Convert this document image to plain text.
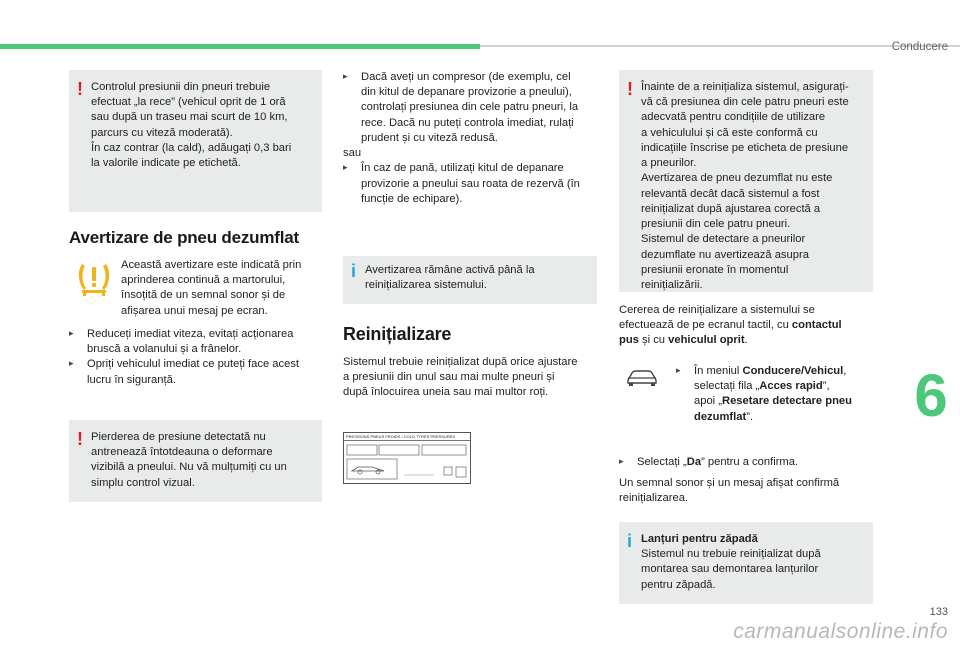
Conducere
! Controlul presiunii din pneuri trebuie
efectuat „la rece” (vehicul oprit de 1 oră
sau după un traseu mai scurt de 10 km,
parcurs cu viteză moderată).
În caz contrar (la cald), adăugați 0,3 bari
la valorile indicate pe etichetă.
Avertizare de pneu dezumflat
Această avertizare este indicată prin
aprinderea continuă a martorului,
însoțită de un semnal sonor și de
afișarea unui mesaj pe ecran.
▸ Reduceți imediat viteza, evitați acționarea
bruscă a volanului și a frânelor.
▸ Opriți vehiculul imediat ce puteți face acest
lucru în siguranță.
! Pierderea de presiune detectată nu
antrenează întotdeauna o deformare
vizibilă a pneului. Nu vă mulțumiți cu un
simplu control vizual.
▸ Dacă aveți un compresor (de exemplu, cel
din kitul de depanare provizorie a pneului),
controlați presiunea din cele patru pneuri, la
rece. Dacă nu puteți controla imediat, rulați
prudent și cu viteză redusă.
sau
▸ În caz de pană, utilizați kitul de depanare
provizorie a pneului sau roata de rezervă (în
funcție de echipare).
i Avertizarea rămâne activă până la
reinițializarea sistemului.
Reinițializare
Sistemul trebuie reinițializat după orice ajustare
a presiunii din unul sau mai multe pneuri și
după înlocuirea uneia sau mai multor roți.
PRESSIONS PNEUS FROIDS / COLD TYRES PRESSURES
! Înainte de a reinițializa sistemul, asigurați-
vă că presiunea din cele patru pneuri este
adecvată pentru condițiile de utilizare
a vehiculului și că este conformă cu
indicațiile înscrise pe eticheta de presiune
a pneurilor.
Avertizarea de pneu dezumflat nu este
relevantă decât dacă sistemul a fost
reinițializat după ajustarea corectă a
presiunii din cele patru pneuri.
Sistemul de detectare a pneurilor
dezumflate nu avertizează asupra
presiunii eronate în momentul
reinițializării.
Cererea de reinițializare a sistemului se
efectuează de pe ecranul tactil, cu contactul
pus și cu vehiculul oprit.
▸ În meniul Conducere/Vehicul,
selectați fila „Acces rapid”,
apoi „Resetare detectare pneu
dezumflat”.
▸ Selectați „Da” pentru a confirma.
Un semnal sonor și un mesaj afișat confirmă
reinițializarea.
i Lanțuri pentru zăpadă
Sistemul nu trebuie reinițializat după
montarea sau demontarea lanțurilor
pentru zăpadă.
6
133
carmanualsonline.info
